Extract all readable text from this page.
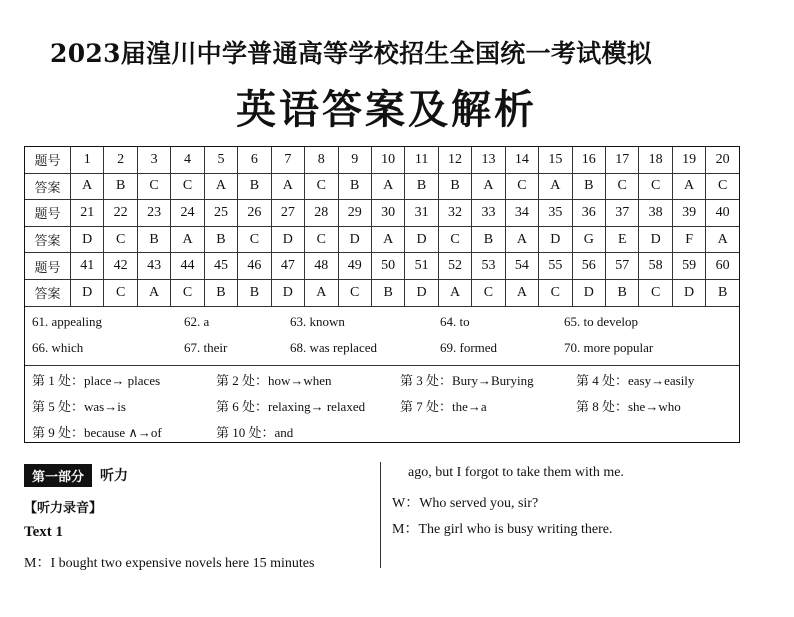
2023届湟川中学普通高等学校招生全国统一考试模拟
英语答案及解析
题号	1	2	3	4	5	6	7	8	9	10	11	12	13	14	15	16	17	18	19	20
答案	A	B	C	C	A	B	A	C	B	A	B	B	A	C	A	B	C	C	A	C
题号	21	22	23	24	25	26	27	28	29	30	31	32	33	34	35	36	37	38	39	40
答案	D	C	B	A	B	C	D	C	D	A	D	C	B	A	D	G	E	D	F	A
题号	41	42	43	44	45	46	47	48	49	50	51	52	53	54	55	56	57	58	59	60
答案	D	C	A	C	B	B	D	A	C	B	D	A	C	A	C	D	B	C	D	B
61. appealing	62. a	63. known	64. to	65. to develop
66. which	67. their	68. was replaced	69. formed	70. more popular
第 1 处：place→ places	第 2 处：how→when	第 3 处：Bury→Burying	第 4 处：easy→easily
第 5 处：was→is	第 6 处：relaxing→ relaxed	第 7 处：the→a	第 8 处：she→who
第 9 处：because ∧→of	第 10 处：and
第一部分	听力
【听力录音】
Text 1
M：I bought two expensive novels here 15 minutes
ago, but I forgot to take them with me.
W：Who served you, sir?
M：The girl who is busy writing there.
